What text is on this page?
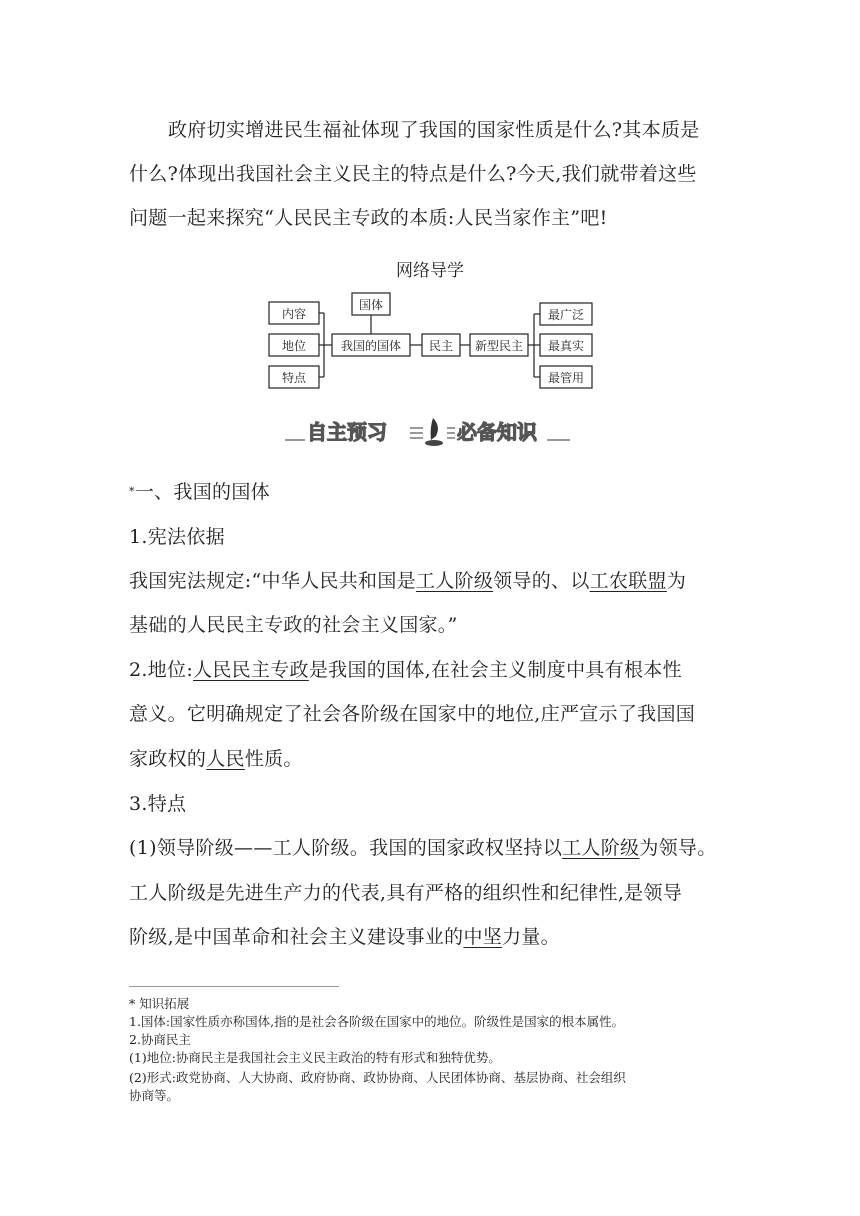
政府切实增进民生福祉体现了我国的国家性质是什么?其本质是
什么?体现出我国社会主义民主的特点是什么?今天,我们就带着这些
问题一起来探究“人民民主专政的本质:人民当家作主”吧!
网络导学
内容
地位
特点
国体
我国的国体 民主 新型民主
最广泛
最真实
最管用
自主预习	必备知识
*一、我国的国体
1.宪法依据
我国宪法规定:“中华人民共和国是工人阶级领导的、以工农联盟为
基础的人民民主专政的社会主义国家。”
2.地位:人民民主专政是我国的国体,在社会主义制度中具有根本性
意义。它明确规定了社会各阶级在国家中的地位,庄严宣示了我国国
家政权的人民性质。
3.特点
(1)领导阶级——工人阶级。我国的国家政权坚持以工人阶级为领导。
工人阶级是先进生产力的代表,具有严格的组织性和纪律性,是领导
阶级,是中国革命和社会主义建设事业的中坚力量。
* 知识拓展
1.国体:国家性质亦称国体,指的是社会各阶级在国家中的地位。阶级性是国家的根本属性。
2.协商民主
(1)地位:协商民主是我国社会主义民主政治的特有形式和独特优势。
(2)形式:政党协商、人大协商、政府协商、政协协商、人民团体协商、基层协商、社会组织
协商等。
